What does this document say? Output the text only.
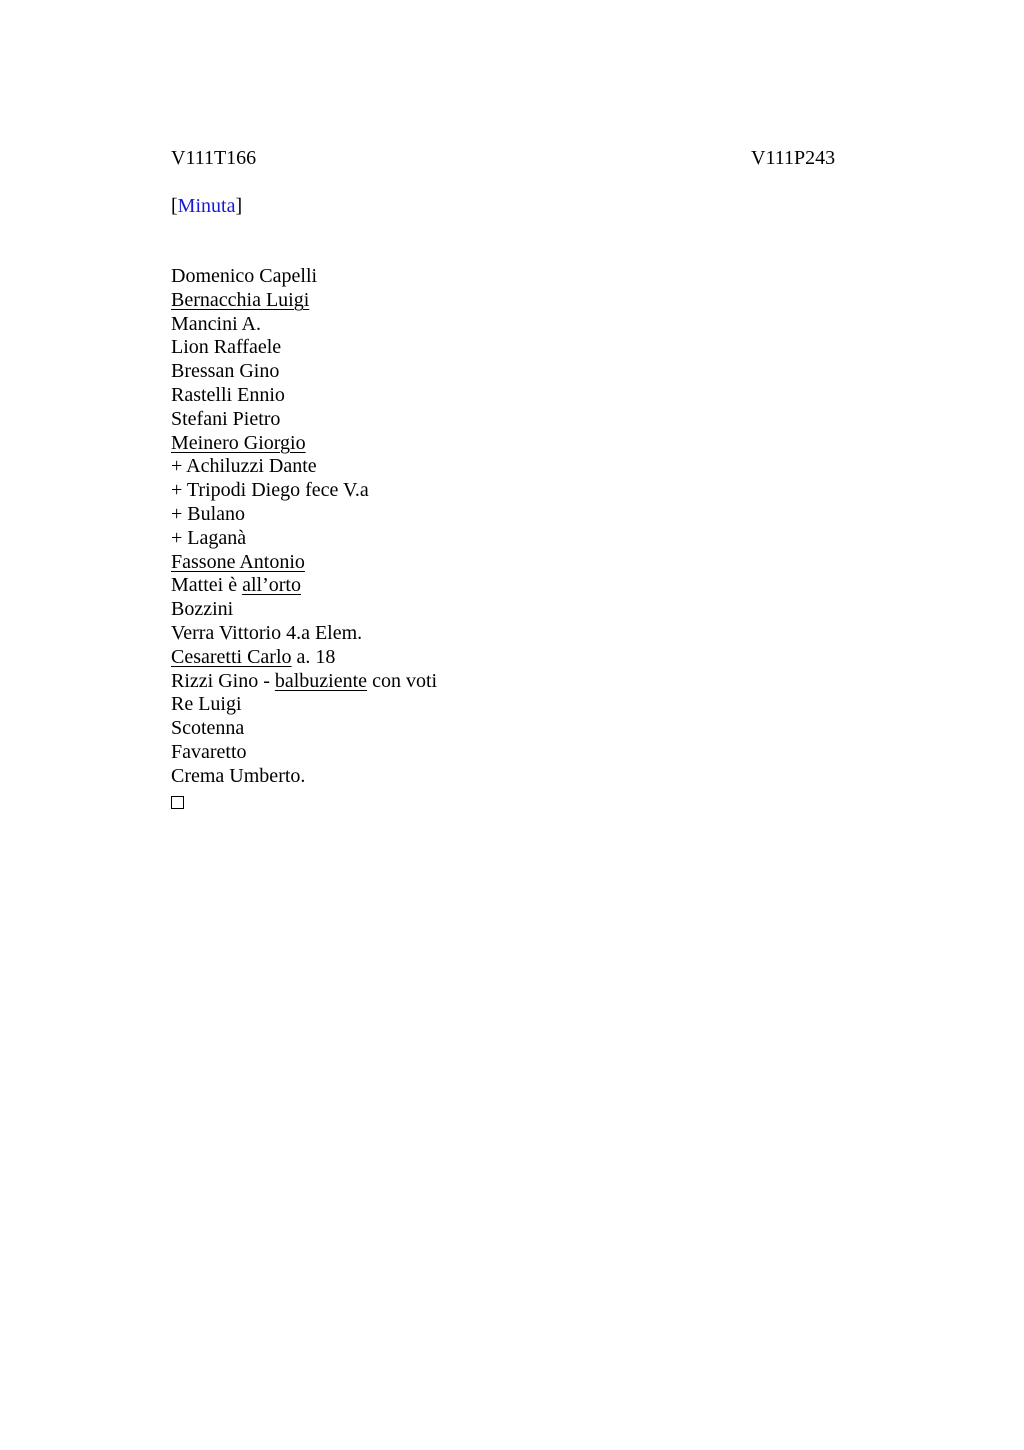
V111T166	V111P243
[Minuta]
Domenico Capelli
Bernacchia Luigi
Mancini A.
Lion Raffaele
Bressan Gino
Rastelli Ennio
Stefani Pietro
Meinero Giorgio
+ Achiluzzi Dante
+ Tripodi Diego fece V.a
+ Bulano
+ Laganà
Fassone Antonio
Mattei è all’orto
Bozzini
Verra Vittorio 4.a Elem.
Cesaretti Carlo a. 18
Rizzi Gino - balbuziente con voti
Re Luigi
Scotenna
Favaretto
Crema Umberto.
